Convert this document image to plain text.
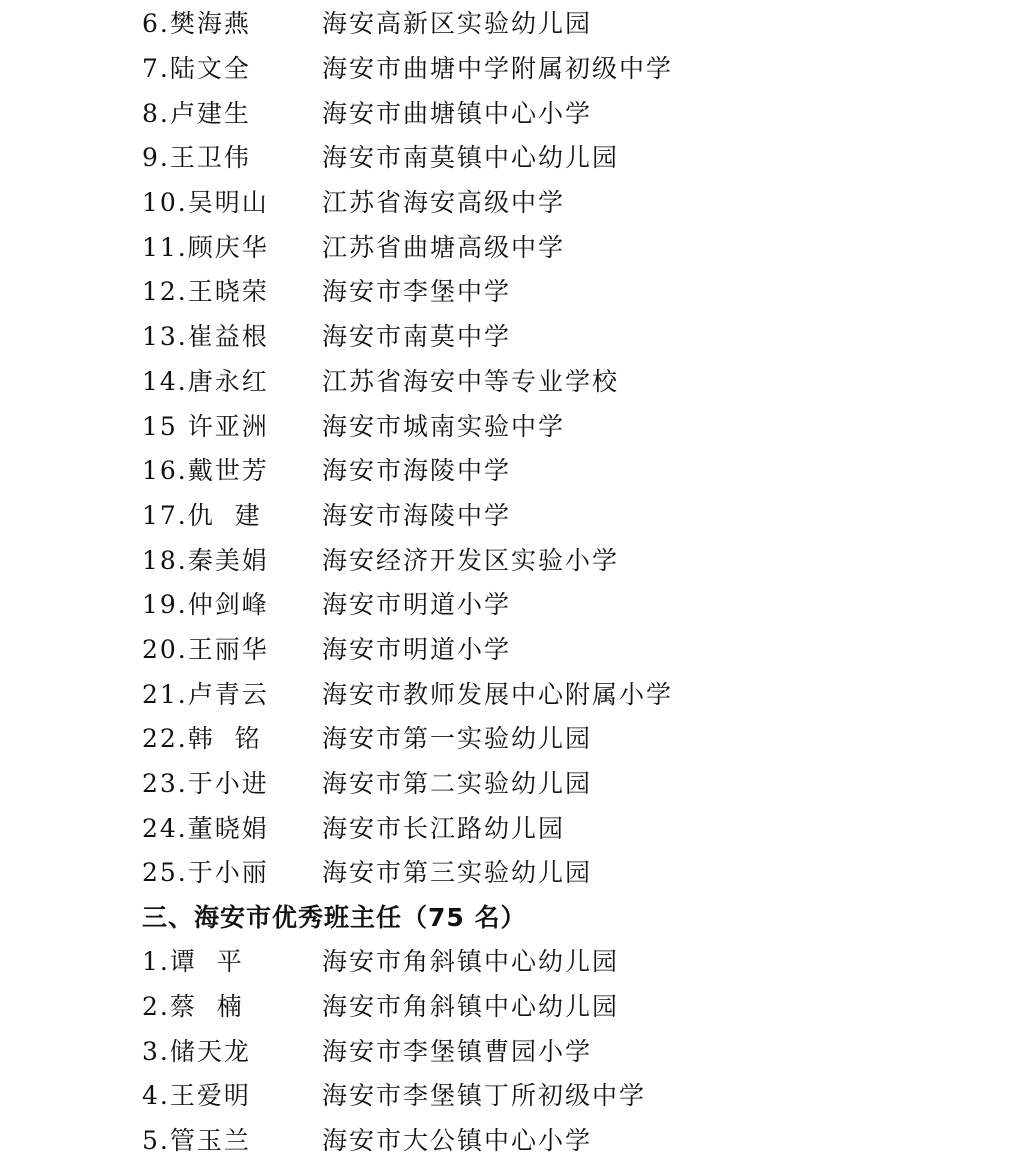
6.樊海燕	海安高新区实验幼儿园
7.陆文全	海安市曲塘中学附属初级中学
8.卢建生	海安市曲塘镇中心小学
9.王卫伟	海安市南莫镇中心幼儿园
10.吴明山	江苏省海安高级中学
11.顾庆华	江苏省曲塘高级中学
12.王晓荣	海安市李堡中学
13.崔益根	海安市南莫中学
14.唐永红	江苏省海安中等专业学校
15 许亚洲	海安市城南实验中学
16.戴世芳	海安市海陵中学
17.仇  建	海安市海陵中学
18.秦美娟	海安经济开发区实验小学
19.仲剑峰	海安市明道小学
20.王丽华	海安市明道小学
21.卢青云	海安市教师发展中心附属小学
22.韩  铭	海安市第一实验幼儿园
23.于小进	海安市第二实验幼儿园
24.董晓娟	海安市长江路幼儿园
25.于小丽	海安市第三实验幼儿园
三、海安市优秀班主任（75 名）
1.谭  平	海安市角斜镇中心幼儿园
2.蔡  楠	海安市角斜镇中心幼儿园
3.储天龙	海安市李堡镇曹园小学
4.王爱明	海安市李堡镇丁所初级中学
5.管玉兰	海安市大公镇中心小学
